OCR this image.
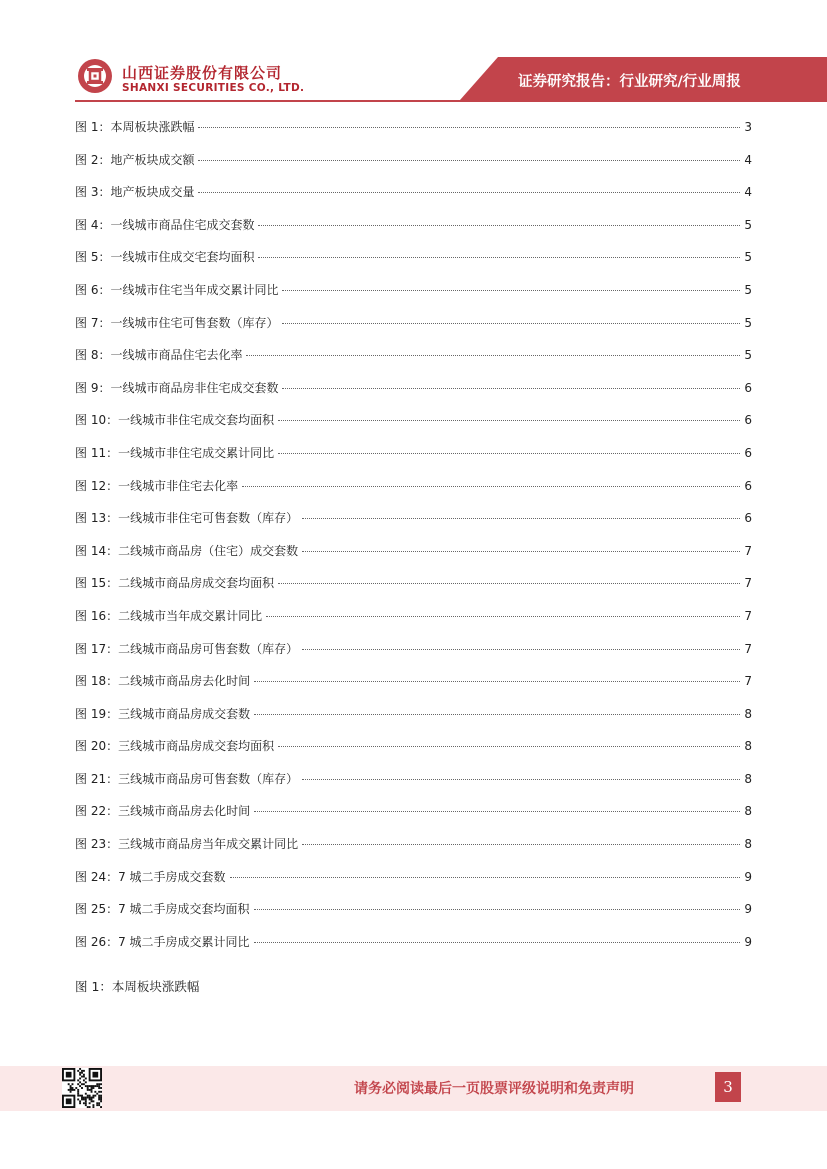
山西证券股份有限公司
SHANXI SECURITIES CO., LTD.	证券研究报告：行业研究/行业周报
图 1：本周板块涨跌幅	3
图 2：地产板块成交额	4
图 3：地产板块成交量	4
图 4：一线城市商品住宅成交套数	5
图 5：一线城市住成交宅套均面积	5
图 6：一线城市住宅当年成交累计同比	5
图 7：一线城市住宅可售套数（库存）	5
图 8：一线城市商品住宅去化率	5
图 9：一线城市商品房非住宅成交套数	6
图 10：一线城市非住宅成交套均面积	6
图 11：一线城市非住宅成交累计同比	6
图 12：一线城市非住宅去化率	6
图 13：一线城市非住宅可售套数（库存）	6
图 14：二线城市商品房（住宅）成交套数	7
图 15：二线城市商品房成交套均面积	7
图 16：二线城市当年成交累计同比	7
图 17：二线城市商品房可售套数（库存）	7
图 18：二线城市商品房去化时间	7
图 19：三线城市商品房成交套数	8
图 20：三线城市商品房成交套均面积	8
图 21：三线城市商品房可售套数（库存）	8
图 22：三线城市商品房去化时间	8
图 23：三线城市商品房当年成交累计同比	8
图 24：7 城二手房成交套数	9
图 25：7 城二手房成交套均面积	9
图 26：7 城二手房成交累计同比	9
图 1：本周板块涨跌幅
请务必阅读最后一页股票评级说明和免责声明	3
